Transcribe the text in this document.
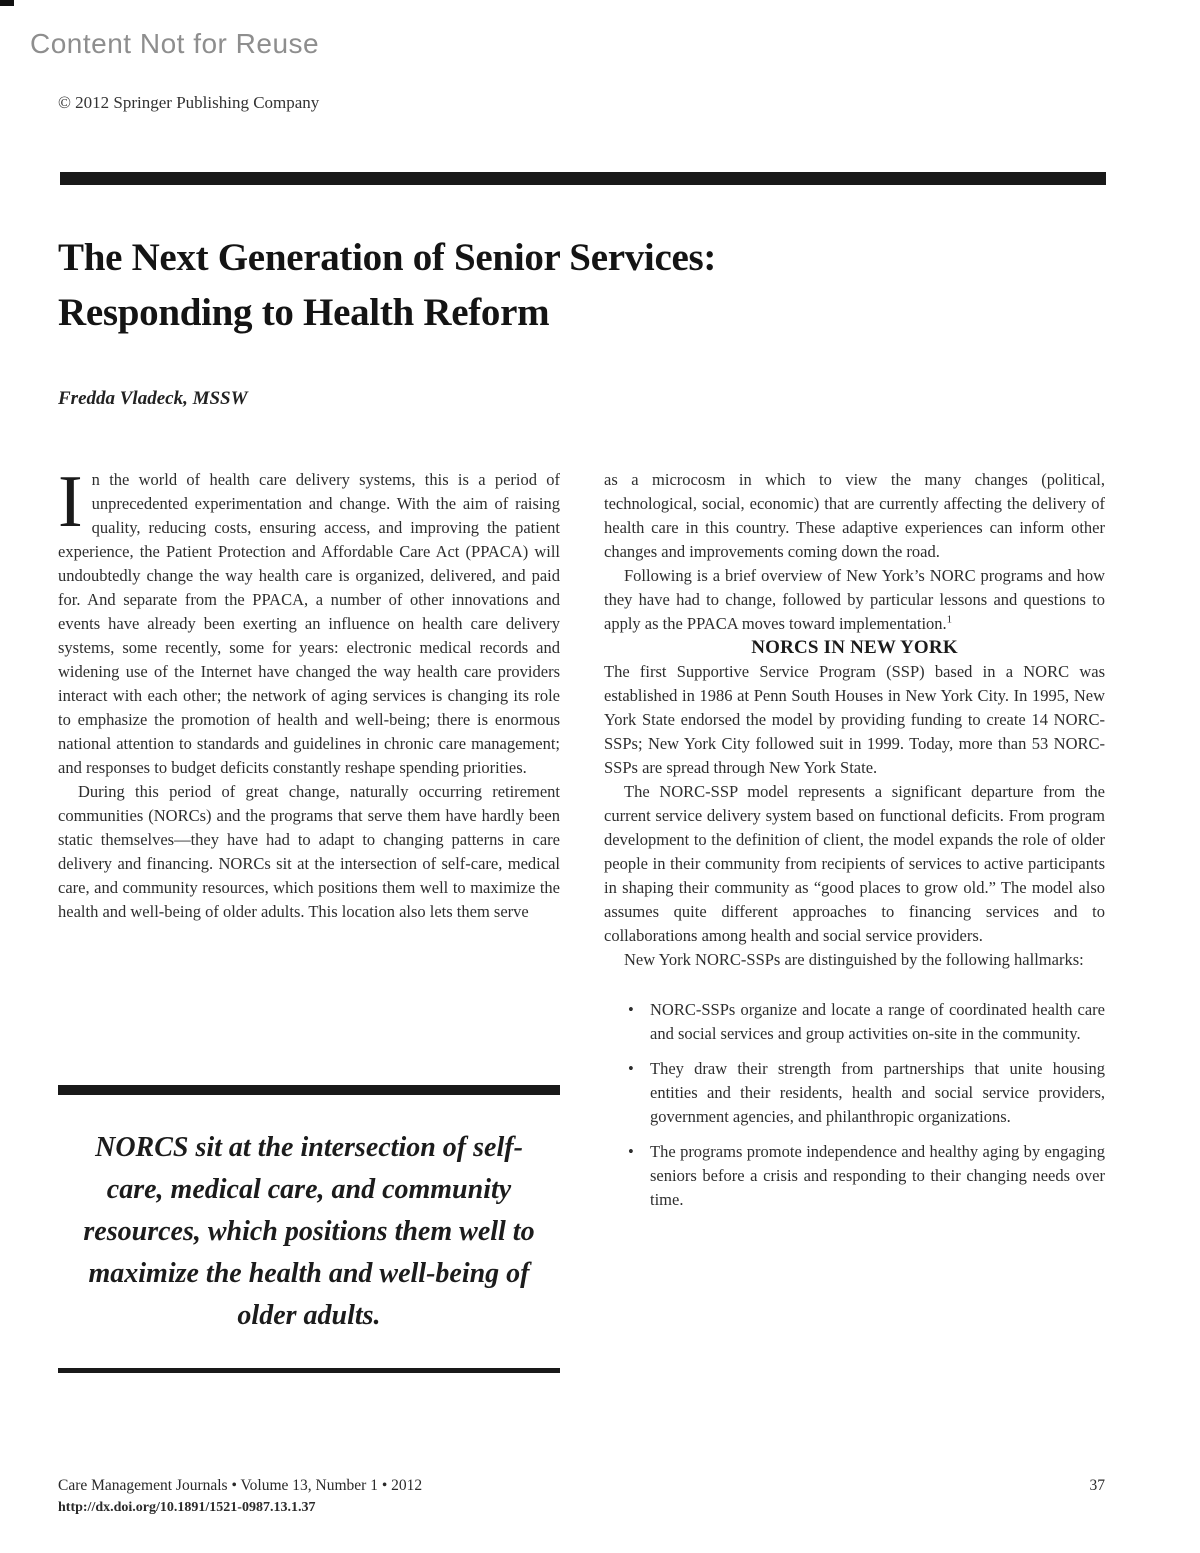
Content Not for Reuse
© 2012 Springer Publishing Company
The Next Generation of Senior Services:
Responding to Health Reform
Fredda Vladeck, MSSW

In the world of health care delivery systems, this is a period of unprecedented experimentation and change. With the aim of raising quality, reducing costs, ensuring access, and improving the patient experience, the Patient Protection and Affordable Care Act (PPACA) will undoubtedly change the way health care is organized, delivered, and paid for. And separate from the PPACA, a number of other innovations and events have already been exerting an influence on health care delivery systems, some recently, some for years: electronic medical records and widening use of the Internet have changed the way health care providers interact with each other; the network of aging services is changing its role to emphasize the promotion of health and well-being; there is enormous national attention to standards and guidelines in chronic care management; and responses to budget deficits constantly reshape spending priorities.

During this period of great change, naturally occurring retirement communities (NORCs) and the programs that serve them have hardly been static themselves—they have had to adapt to changing patterns in care delivery and financing. NORCs sit at the intersection of self-care, medical care, and community resources, which positions them well to maximize the health and well-being of older adults. This location also lets them serve

NORCS sit at the intersection of self-care, medical care, and community resources, which positions them well to maximize the health and well-being of older adults.

as a microcosm in which to view the many changes (political, technological, social, economic) that are currently affecting the delivery of health care in this country. These adaptive experiences can inform other changes and improvements coming down the road.

Following is a brief overview of New York’s NORC programs and how they have had to change, followed by particular lessons and questions to apply as the PPACA moves toward implementation.$^1$

NORCS IN NEW YORK

The first Supportive Service Program (SSP) based in a NORC was established in 1986 at Penn South Houses in New York City. In 1995, New York State endorsed the model by providing funding to create 14 NORC-SSPs; New York City followed suit in 1999. Today, more than 53 NORC-SSPs are spread through New York State.

The NORC-SSP model represents a significant departure from the current service delivery system based on functional deficits. From program development to the definition of client, the model expands the role of older people in their community from recipients of services to active participants in shaping their community as “good places to grow old.” The model also assumes quite different approaches to financing services and to collaborations among health and social service providers.

New York NORC-SSPs are distinguished by the following hallmarks:

• NORC-SSPs organize and locate a range of coordinated health care and social services and group activities on-site in the community.
• They draw their strength from partnerships that unite housing entities and their residents, health and social service providers, government agencies, and philanthropic organizations.
• The programs promote independence and healthy aging by engaging seniors before a crisis and responding to their changing needs over time.
Care Management Journals • Volume 13, Number 1 • 2012
http://dx.doi.org/10.1891/1521-0987.13.1.37
37
